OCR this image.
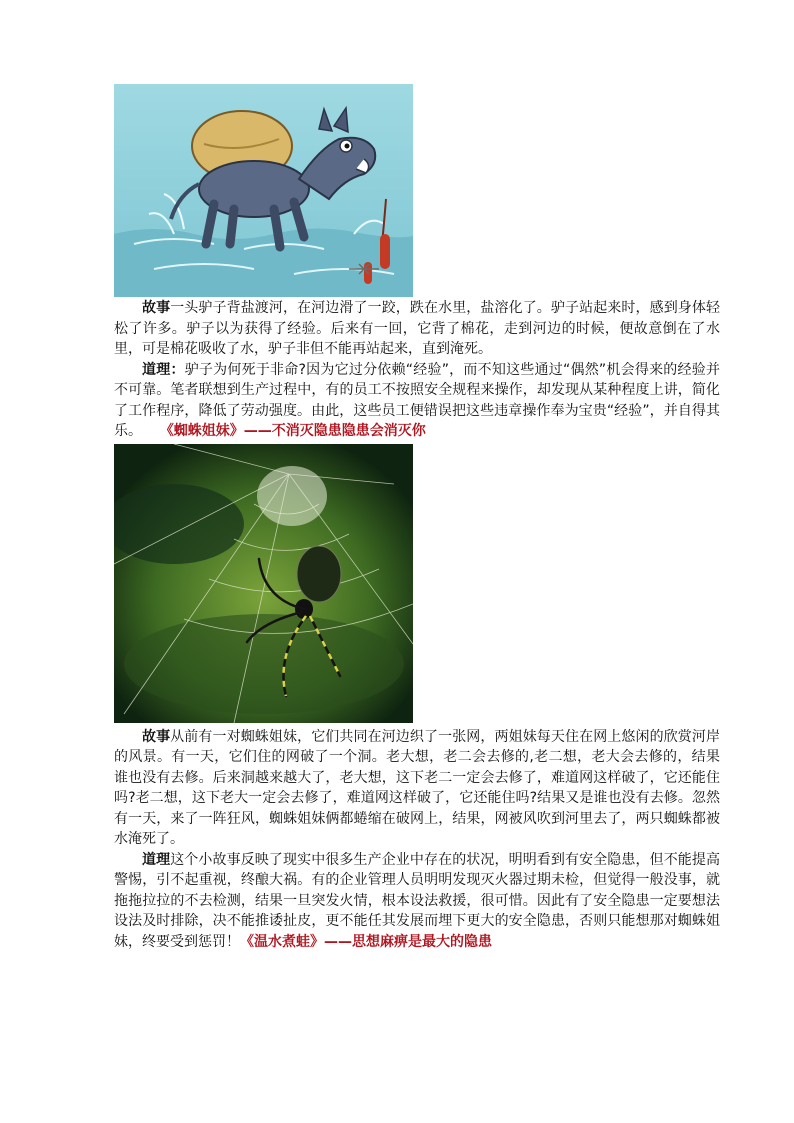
故事一头驴子背盐渡河，在河边滑了一跤，跌在水里，盐溶化了。驴子站起来时，感到身体轻松了许多。驴子以为获得了经验。后来有一回，它背了棉花，走到河边的时候，便故意倒在了水里，可是棉花吸收了水，驴子非但不能再站起来，直到淹死。

道理：驴子为何死于非命?因为它过分依赖“经验”，而不知这些通过“偶然”机会得来的经验并不可靠。笔者联想到生产过程中，有的员工不按照安全规程来操作，却发现从某种程度上讲，简化了工作程序，降低了劳动强度。由此，这些员工便错误把这些违章操作奉为宝贵“经验”，并自得其乐。 《蜘蛛姐妹》——不消灭隐患隐患会消灭你

故事从前有一对蜘蛛姐妹，它们共同在河边织了一张网，两姐妹每天住在网上悠闲的欣赏河岸的风景。有一天，它们住的网破了一个洞。老大想，老二会去修的,老二想，老大会去修的，结果谁也没有去修。后来洞越来越大了，老大想，这下老二一定会去修了，难道网这样破了，它还能住吗?老二想，这下老大一定会去修了，难道网这样破了，它还能住吗?结果又是谁也没有去修。忽然有一天，来了一阵狂风，蜘蛛姐妹俩都蜷缩在破网上，结果，网被风吹到河里去了，两只蜘蛛都被水淹死了。

道理这个小故事反映了现实中很多生产企业中存在的状况，明明看到有安全隐患，但不能提高警惕，引不起重视，终酿大祸。有的企业管理人员明明发现灭火器过期未检，但觉得一般没事，就拖拖拉拉的不去检测，结果一旦突发火情，根本设法救援，很可惜。因此有了安全隐患一定要想法设法及时排除，决不能推诿扯皮，更不能任其发展而埋下更大的安全隐患，否则只能想那对蜘蛛姐妹，终要受到惩罚！《温水煮蛙》——思想麻痹是最大的隐患
